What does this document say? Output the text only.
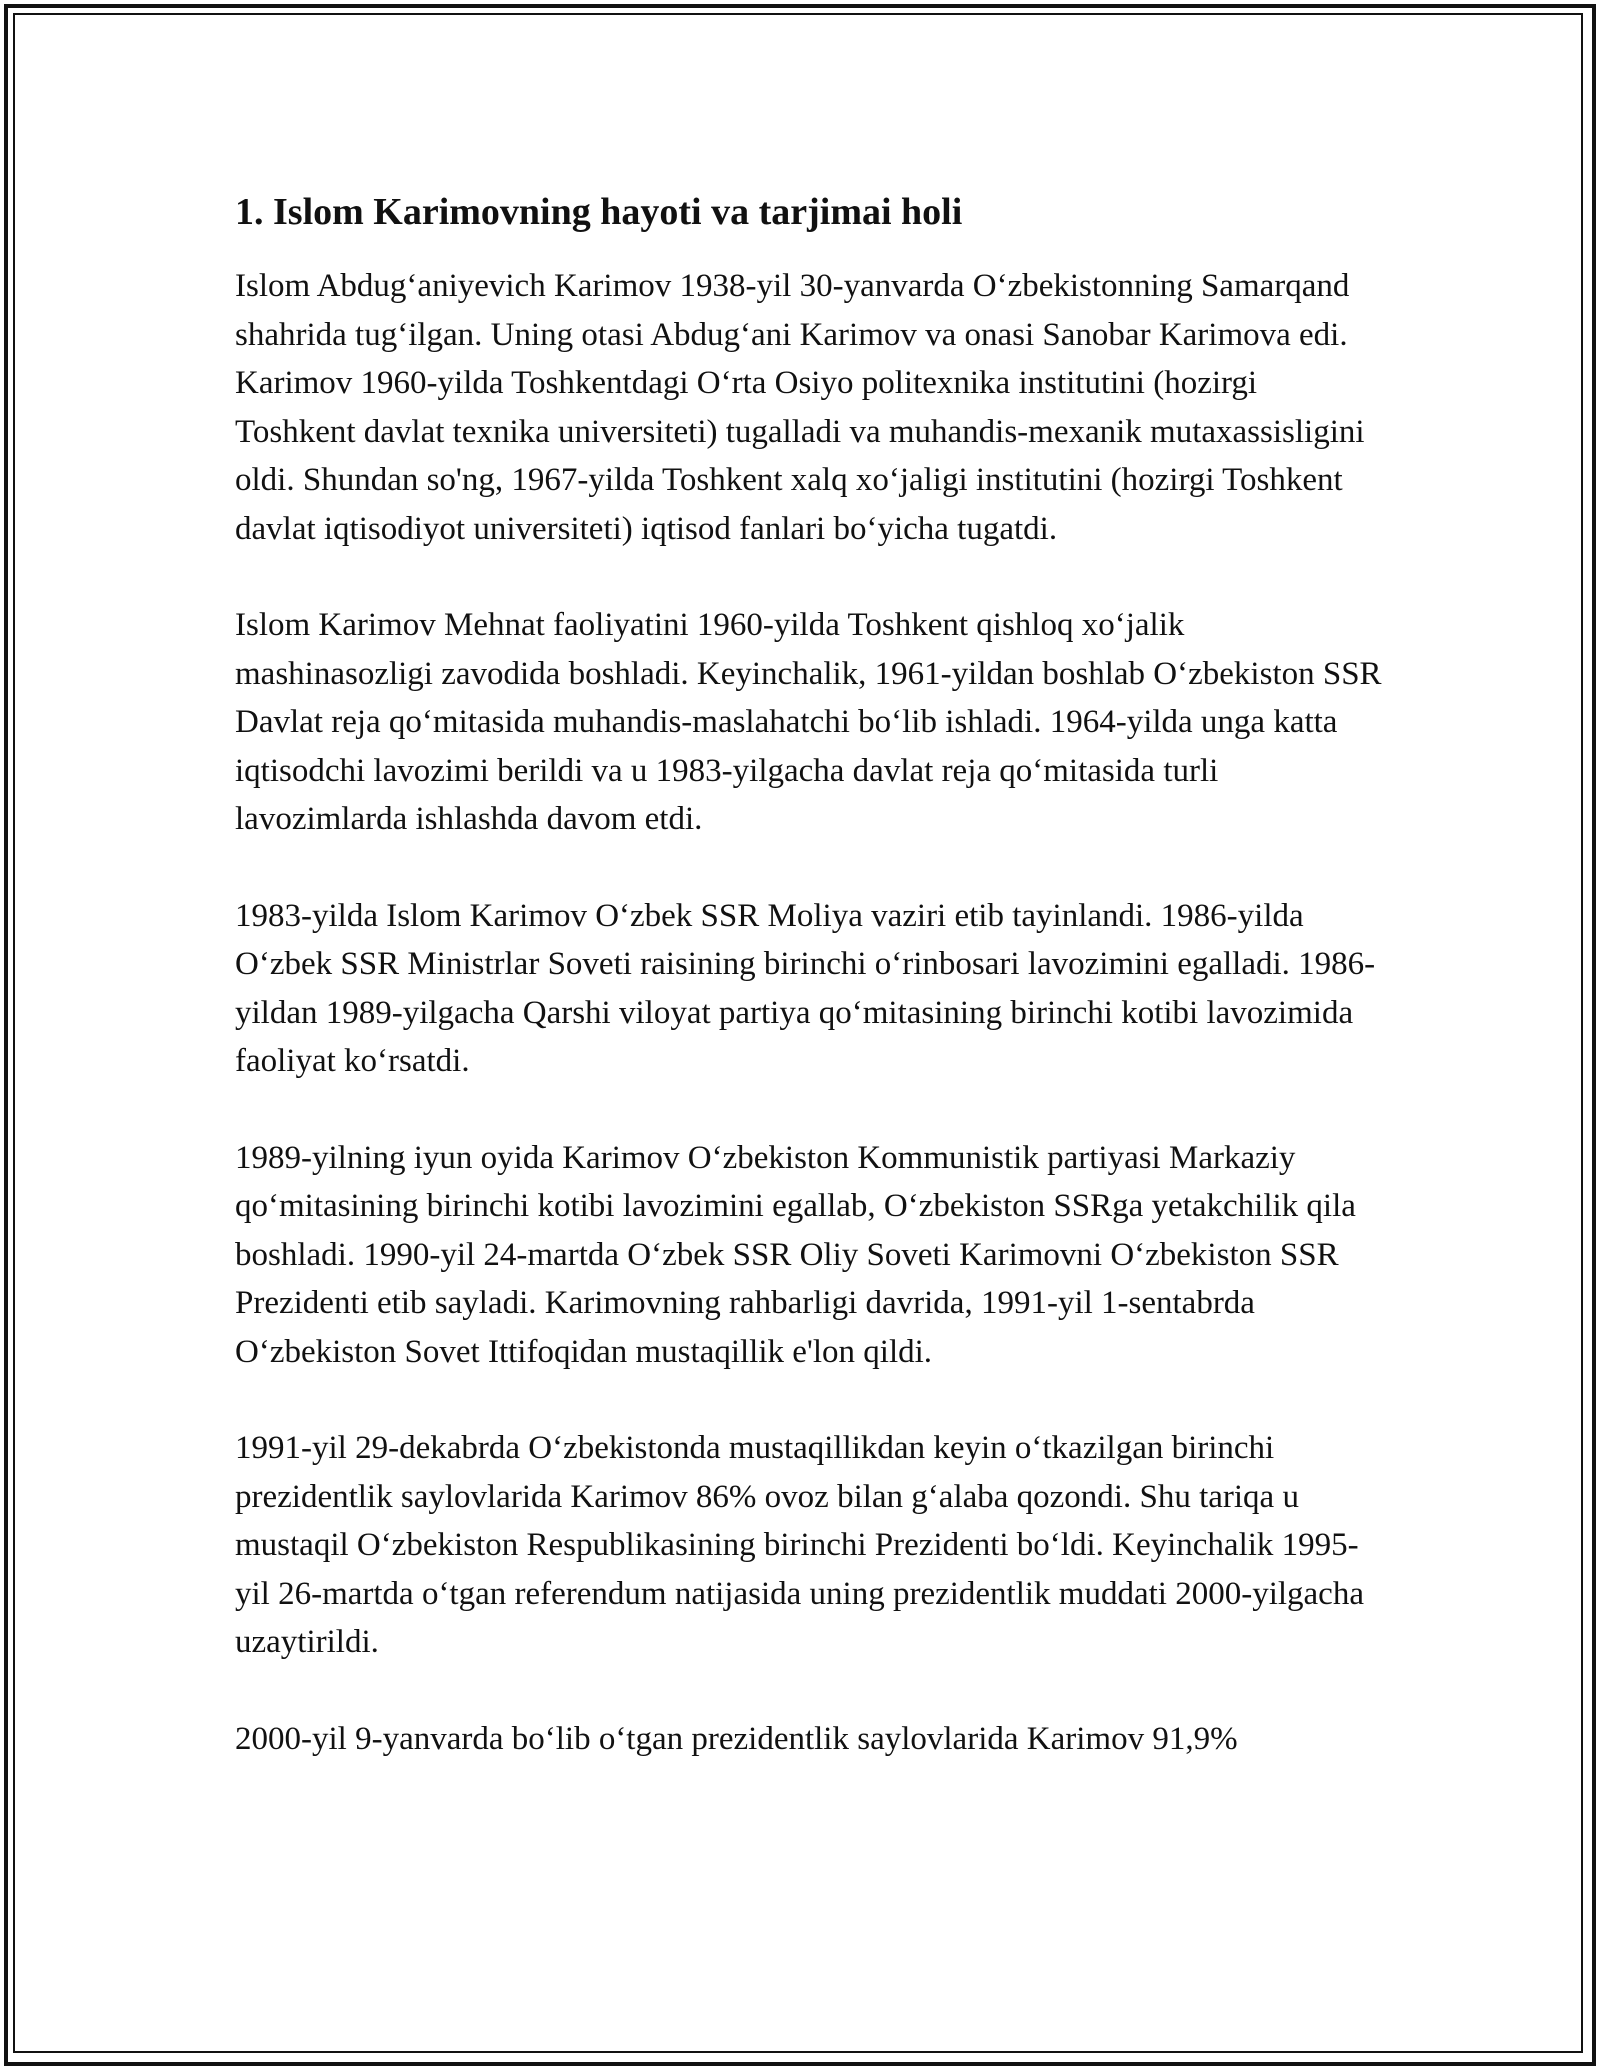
1. Islom Karimovning hayoti va tarjimai holi

Islom Abdugʻaniyevich Karimov 1938-yil 30-yanvarda Oʻzbekistonning Samarqand shahrida tugʻilgan. Uning otasi Abdugʻani Karimov va onasi Sanobar Karimova edi. Karimov 1960-yilda Toshkentdagi Oʻrta Osiyo politexnika institutini (hozirgi Toshkent davlat texnika universiteti) tugalladi va muhandis-mexanik mutaxassisligini oldi. Shundan so'ng, 1967-yilda Toshkent xalq xoʻjaligi institutini (hozirgi Toshkent davlat iqtisodiyot universiteti) iqtisod fanlari boʻyicha tugatdi.

Islom Karimov Mehnat faoliyatini 1960-yilda Toshkent qishloq xoʻjalik mashinasozligi zavodida boshladi. Keyinchalik, 1961-yildan boshlab Oʻzbekiston SSR Davlat reja qoʻmitasida muhandis-maslahatchi boʻlib ishladi. 1964-yilda unga katta iqtisodchi lavozimi berildi va u 1983-yilgacha davlat reja qoʻmitasida turli lavozimlarda ishlashda davom etdi.

1983-yilda Islom Karimov Oʻzbek SSR Moliya vaziri etib tayinlandi. 1986-yilda Oʻzbek SSR Ministrlar Soveti raisining birinchi oʻrinbosari lavozimini egalladi. 1986-yildan 1989-yilgacha Qarshi viloyat partiya qoʻmitasining birinchi kotibi lavozimida faoliyat koʻrsatdi.

1989-yilning iyun oyida Karimov Oʻzbekiston Kommunistik partiyasi Markaziy qoʻmitasining birinchi kotibi lavozimini egallab, Oʻzbekiston SSRga yetakchilik qila boshladi. 1990-yil 24-martda Oʻzbek SSR Oliy Soveti Karimovni Oʻzbekiston SSR Prezidenti etib sayladi. Karimovning rahbarligi davrida, 1991-yil 1-sentabrda Oʻzbekiston Sovet Ittifoqidan mustaqillik e'lon qildi.

1991-yil 29-dekabrda Oʻzbekistonda mustaqillikdan keyin oʻtkazilgan birinchi prezidentlik saylovlarida Karimov 86% ovoz bilan gʻalaba qozondi. Shu tariqa u mustaqil Oʻzbekiston Respublikasining birinchi Prezidenti boʻldi. Keyinchalik 1995-yil 26-martda oʻtgan referendum natijasida uning prezidentlik muddati 2000-yilgacha uzaytirildi.

2000-yil 9-yanvarda boʻlib oʻtgan prezidentlik saylovlarida Karimov 91,9%
